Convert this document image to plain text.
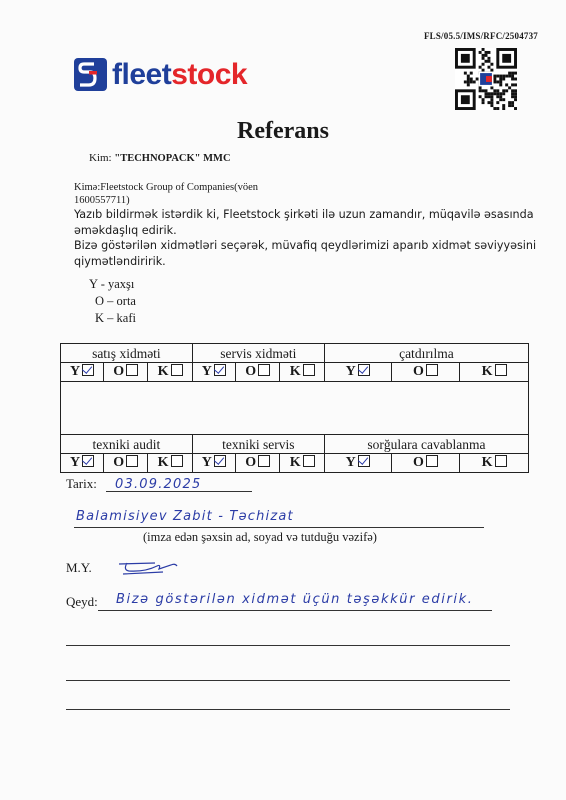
FLS/05.5/IMS/RFC/2504737
fleetstock
Referans
Kim: "TECHNOPACK" MMC
Kimə:Fleetstock Group of Companies(vöen
1600557711)
Yazıb bildirmək istərdik ki, Fleetstock şirkəti ilə uzun zamandır, müqavilə əsasında əməkdaşlıq edirik.
Bizə göstərilən xidmətləri seçərək, müvafiq qeydlərimizi aparıb xidmət səviyyəsini qiymətləndiririk.
Y - yaxşı
O – orta
K – kafi
satış xidməti			servis xidməti			çatdırılma		
Y	O	K	Y	O	K	Y	O	K

texniki audit			texniki servis			sorğulara cavablanma		
Y	O	K	Y	O	K	Y	O	K
Tarix: 03.09.2025
Balamisiyev Zabit - Təchizat
(imza edən şəxsin ad, soyad və tutduğu vəzifə)
M.Y.
Qeyd: Bizə göstərilən xidmət üçün təşəkkür edirik.
